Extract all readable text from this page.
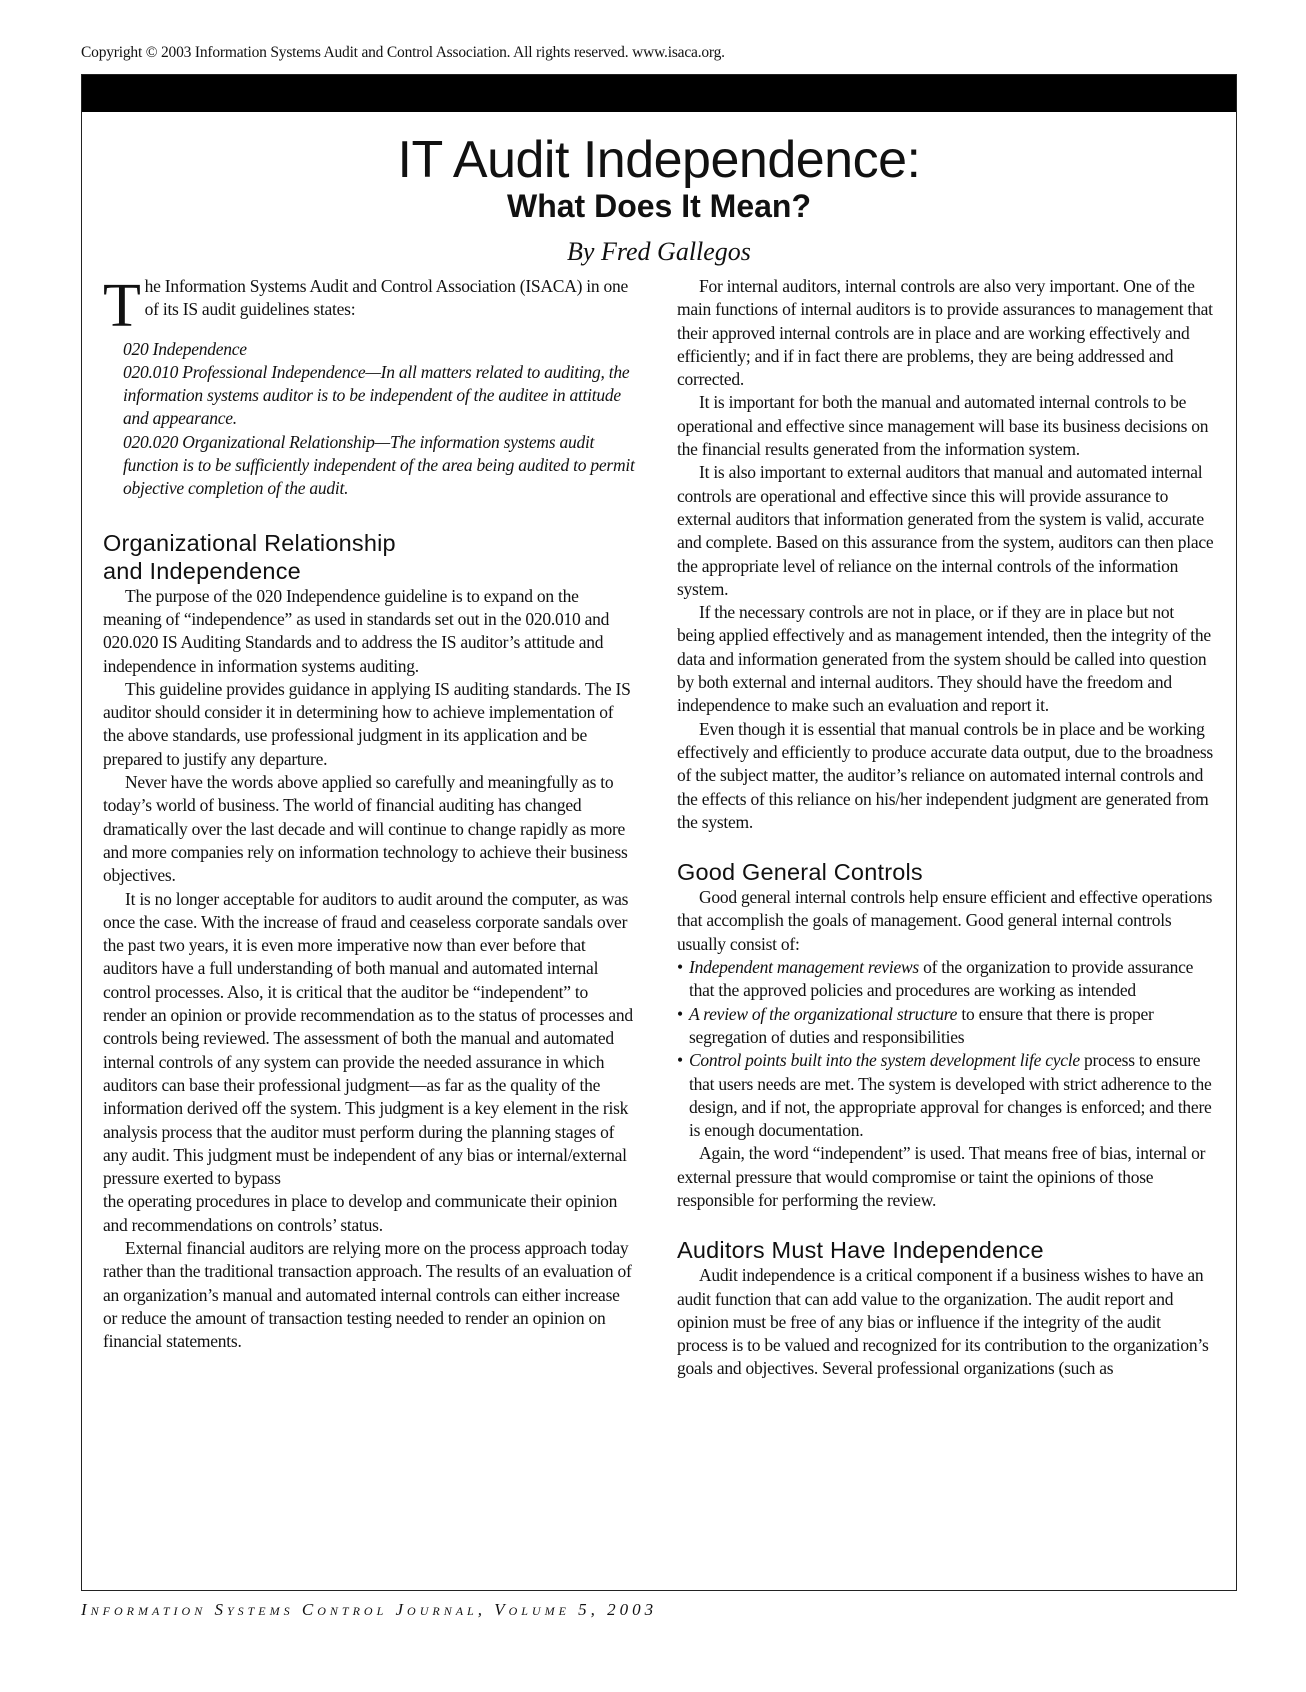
Copyright © 2003 Information Systems Audit and Control Association. All rights reserved. www.isaca.org.
IT Audit Independence:
What Does It Mean?
By Fred Gallegos
T he Information Systems Audit and Control Association (ISACA) in one of its IS audit guidelines states:

020 Independence
020.010 Professional Independence—In all matters related to auditing, the information systems auditor is to be independent of the auditee in attitude and appearance.
020.020 Organizational Relationship—The information systems audit function is to be sufficiently independent of the area being audited to permit objective completion of the audit.
Organizational Relationship
and Independence

The purpose of the 020 Independence guideline is to expand on the meaning of “independence” as used in standards set out in the 020.010 and 020.020 IS Auditing Standards and to address the IS auditor’s attitude and independence in information systems auditing.

This guideline provides guidance in applying IS auditing standards. The IS auditor should consider it in determining how to achieve implementation of the above standards, use professional judgment in its application and be prepared to justify any departure.

Never have the words above applied so carefully and meaningfully as to today’s world of business. The world of financial auditing has changed dramatically over the last decade and will continue to change rapidly as more and more companies rely on information technology to achieve their business objectives.

It is no longer acceptable for auditors to audit around the computer, as was once the case. With the increase of fraud and ceaseless corporate sandals over the past two years, it is even more imperative now than ever before that auditors have a full understanding of both manual and automated internal control processes. Also, it is critical that the auditor be “independent” to render an opinion or provide recommendation as to the status of processes and controls being reviewed. The assessment of both the manual and automated internal controls of any system can provide the needed assurance in which auditors can base their professional judgment—as far as the quality of the information derived off the system. This judgment is a key element in the risk analysis process that the auditor must perform during the planning stages of any audit. This judgment must be independent of any bias or internal/external pressure exerted to bypass

the operating procedures in place to develop and communicate their opinion and recommendations on controls’ status.

External financial auditors are relying more on the process approach today rather than the traditional transaction approach. The results of an evaluation of an organization’s manual and automated internal controls can either increase or reduce the amount of transaction testing needed to render an opinion on financial statements.

For internal auditors, internal controls are also very important. One of the main functions of internal auditors is to provide assurances to management that their approved internal controls are in place and are working effectively and efficiently; and if in fact there are problems, they are being addressed and corrected.

It is important for both the manual and automated internal controls to be operational and effective since management will base its business decisions on the financial results generated from the information system.

It is also important to external auditors that manual and automated internal controls are operational and effective since this will provide assurance to external auditors that information generated from the system is valid, accurate and complete. Based on this assurance from the system, auditors can then place the appropriate level of reliance on the internal controls of the information system.

If the necessary controls are not in place, or if they are in place but not being applied effectively and as management intended, then the integrity of the data and information generated from the system should be called into question by both external and internal auditors. They should have the freedom and independence to make such an evaluation and report it.

Even though it is essential that manual controls be in place and be working effectively and efficiently to produce accurate data output, due to the broadness of the subject matter, the auditor’s reliance on automated internal controls and the effects of this reliance on his/her independent judgment are generated from the system.

Good General Controls

Good general internal controls help ensure efficient and effective operations that accomplish the goals of management. Good general internal controls usually consist of:

• Independent management reviews of the organization to provide assurance that the approved policies and procedures are working as intended
• A review of the organizational structure to ensure that there is proper segregation of duties and responsibilities
• Control points built into the system development life cycle process to ensure that users needs are met. The system is developed with strict adherence to the design, and if not, the appropriate approval for changes is enforced; and there is enough documentation.

Again, the word “independent” is used. That means free of bias, internal or external pressure that would compromise or taint the opinions of those responsible for performing the review.

Auditors Must Have Independence

Audit independence is a critical component if a business wishes to have an audit function that can add value to the organization. The audit report and opinion must be free of any bias or influence if the integrity of the audit process is to be valued and recognized for its contribution to the organization’s goals and objectives. Several professional organizations (such as

Information Systems Control Journal, Volume 5, 2003
